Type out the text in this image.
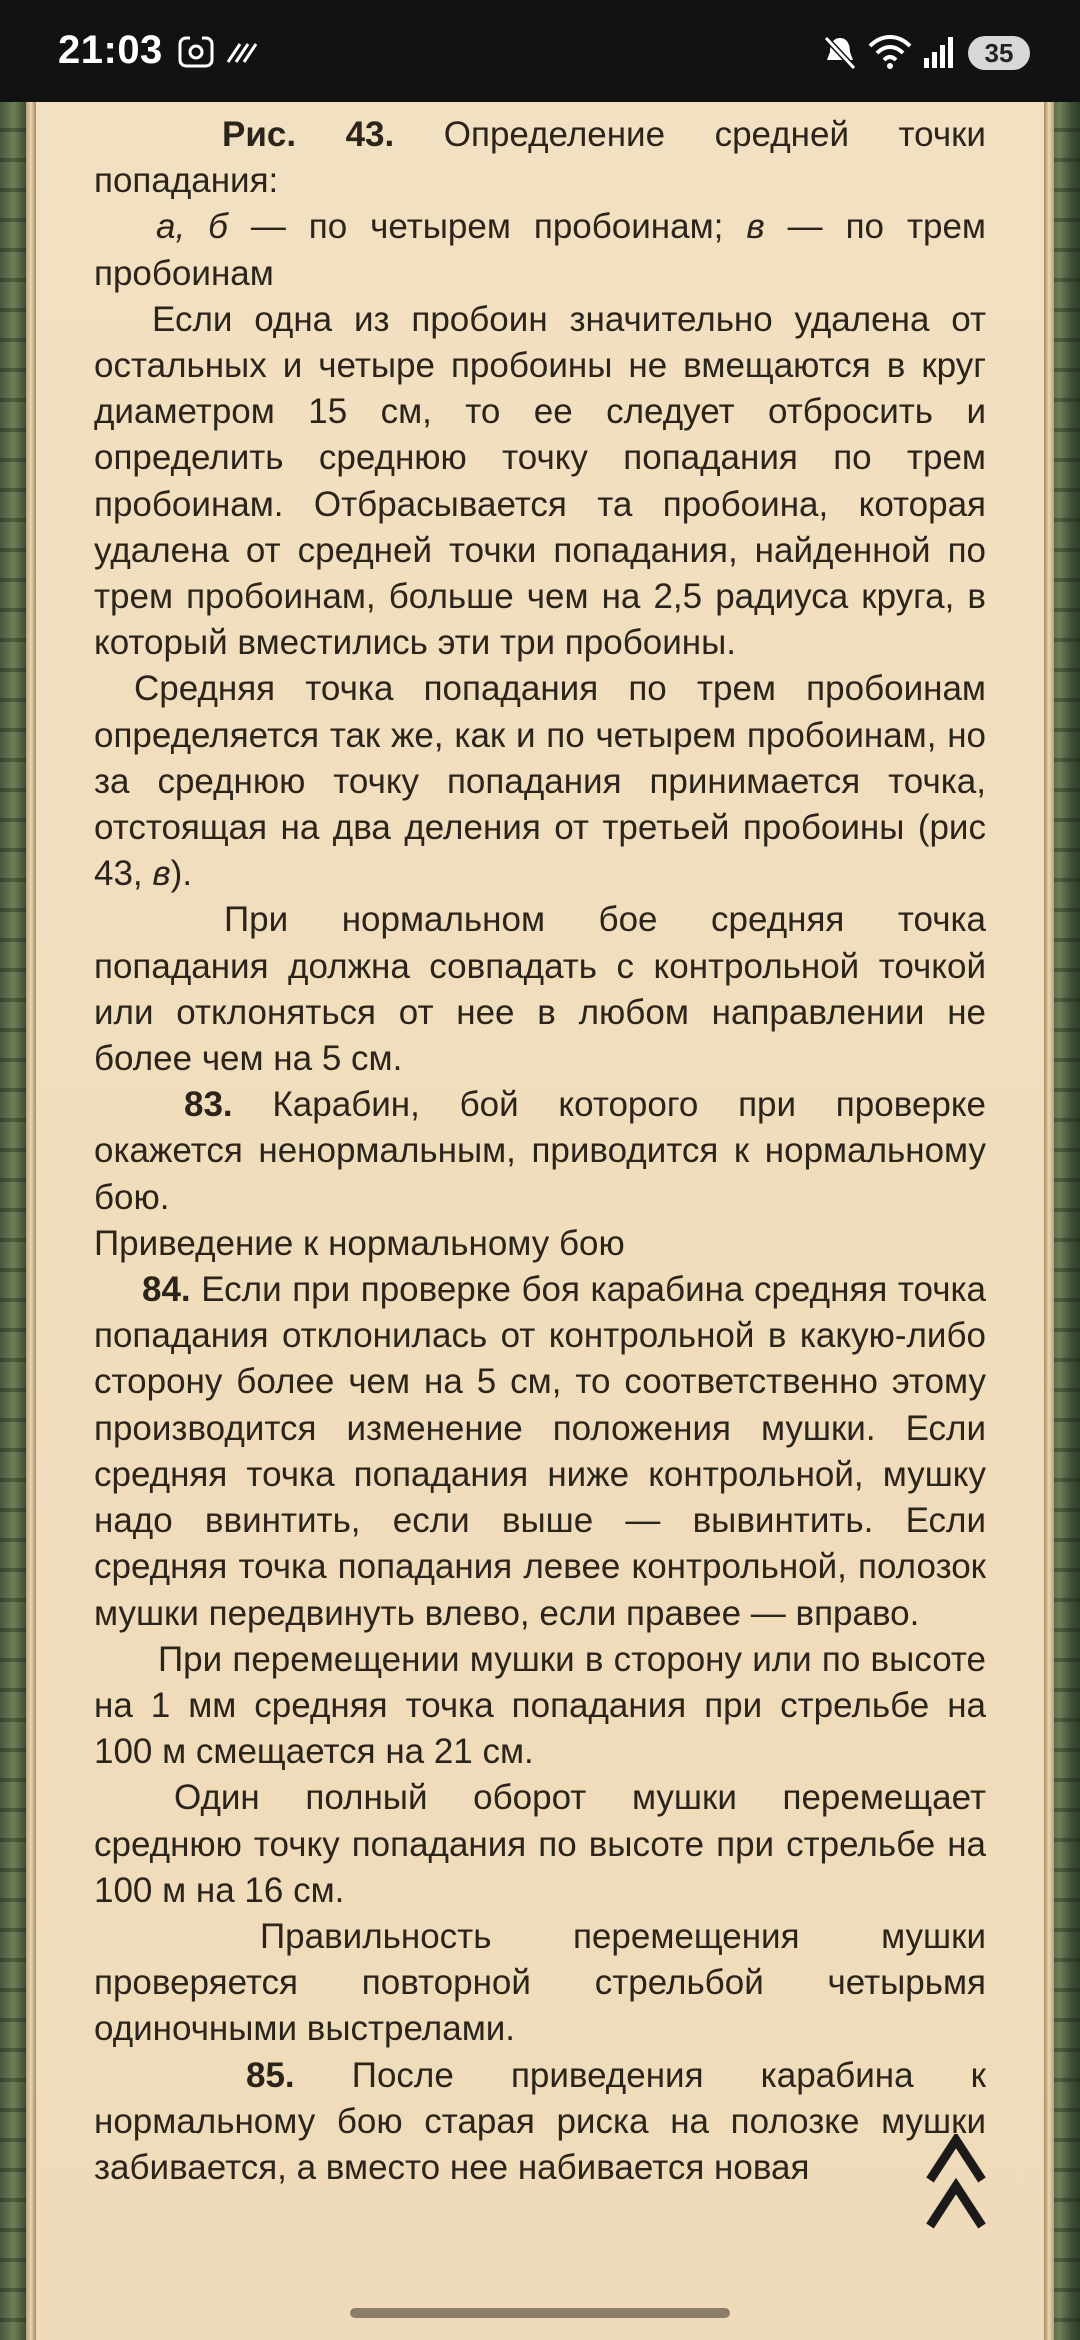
21:03	35

Рис. 43. Определение средней точки попадания:

а, б — по четырем пробоинам; в — по трем пробоинам

Если одна из пробоин значительно удалена от остальных и четыре пробоины не вмещаются в круг диаметром 15 см, то ее следует отбросить и определить среднюю точку попадания по трем пробоинам. Отбрасывается та пробоина, которая удалена от средней точки попадания, найденной по трем пробоинам, больше чем на 2,5 радиуса круга, в который вместились эти три пробоины.

Средняя точка попадания по трем пробоинам определяется так же, как и по четырем пробоинам, но за среднюю точку попадания принимается точка, отстоящая на два деления от третьей пробоины (рис 43, в).

При нормальном бое средняя точка попадания должна совпадать с контрольной точкой или отклоняться от нее в любом направлении не более чем на 5 см.

83. Карабин, бой которого при проверке окажется ненормальным, приводится к нормальному бою.

Приведение к нормальному бою

84. Если при проверке боя карабина средняя точка попадания отклонилась от контрольной в какую-либо сторону более чем на 5 см, то соответственно этому производится изменение положения мушки. Если средняя точка попадания ниже контрольной, мушку надо ввинтить, если выше — вывинтить. Если средняя точка попадания левее контрольной, полозок мушки передвинуть влево, если правее — вправо.

При перемещении мушки в сторону или по высоте на 1 мм средняя точка попадания при стрельбе на 100 м смещается на 21 см.

Один полный оборот мушки перемещает среднюю точку попадания по высоте при стрельбе на 100 м на 16 см.

Правильность перемещения мушки проверяется повторной стрельбой четырьмя одиночными выстрелами.

85. После приведения карабина к нормальному бою старая риска на полозке мушки забивается, а вместо нее набивается новая
